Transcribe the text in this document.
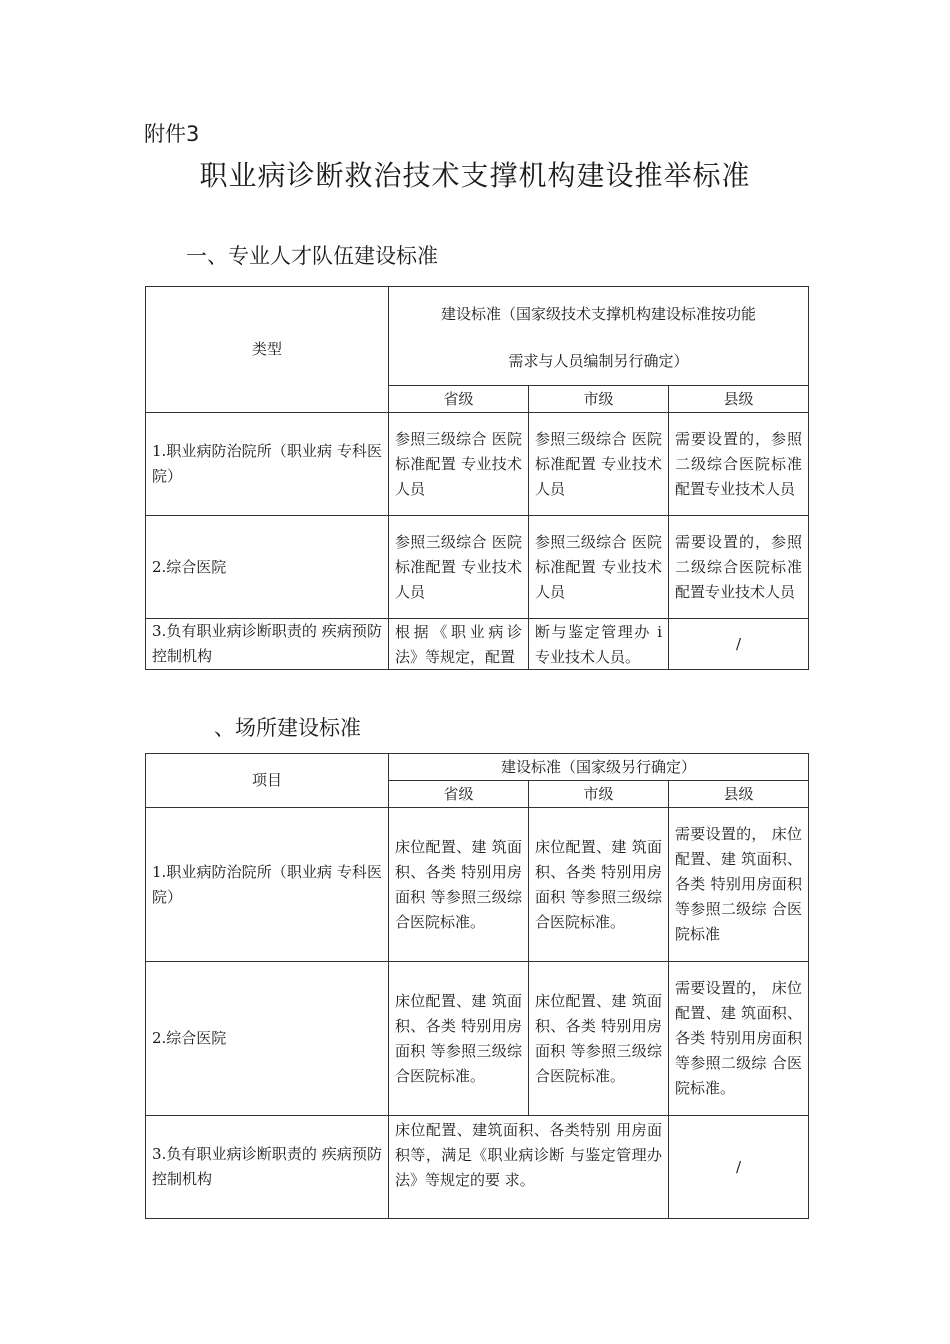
附件3
职业病诊断救治技术支撑机构建设推举标准
一、专业人才队伍建设标准
类型	建设标准（国家级技术支撑机构建设标准按功能
需求与人员编制另行确定）		

	省级	市级	县级
1.职业病防治院所（职业病 专科医院）	参照三级综合 医院标准配置 专业技术人员	参照三级综合 医院标准配置 专业技术人员	需要设置的，参照二级综合医院标准配置专业技术人员
2.综合医院	参照三级综合 医院标准配置 专业技术人员	参照三级综合 医院标准配置 专业技术人员	需要设置的，参照二级综合医院标准配置专业技术人员
3.负有职业病诊断职责的 疾病预防控制机构	根据《职业病诊法》等规定，配置	断与鉴定管理办 i专业技术人员。	/
、场所建设标准
项目	建设标准（国家级另行确定）		
	省级	市级	县级
1.职业病防治院所（职业病 专科医院）	床位配置、建 筑面积、各类 特别用房面积 等参照三级综 合医院标准。	床位配置、建 筑面积、各类 特别用房面积 等参照三级综 合医院标准。	需要设置的， 床位配置、建 筑面积、各类 特别用房面积 等参照二级综 合医院标准
2.综合医院	床位配置、建 筑面积、各类 特别用房面积 等参照三级综 合医院标准。	床位配置、建 筑面积、各类 特别用房面积 等参照三级综 合医院标准。	需要设置的， 床位配置、建 筑面积、各类 特别用房面积 等参照二级综 合医院标准。
3.负有职业病诊断职责的 疾病预防控制机构	床位配置、建筑面积、各类特别 用房面积等，满足《职业病诊断 与鉴定管理办法》等规定的要 求。		/
